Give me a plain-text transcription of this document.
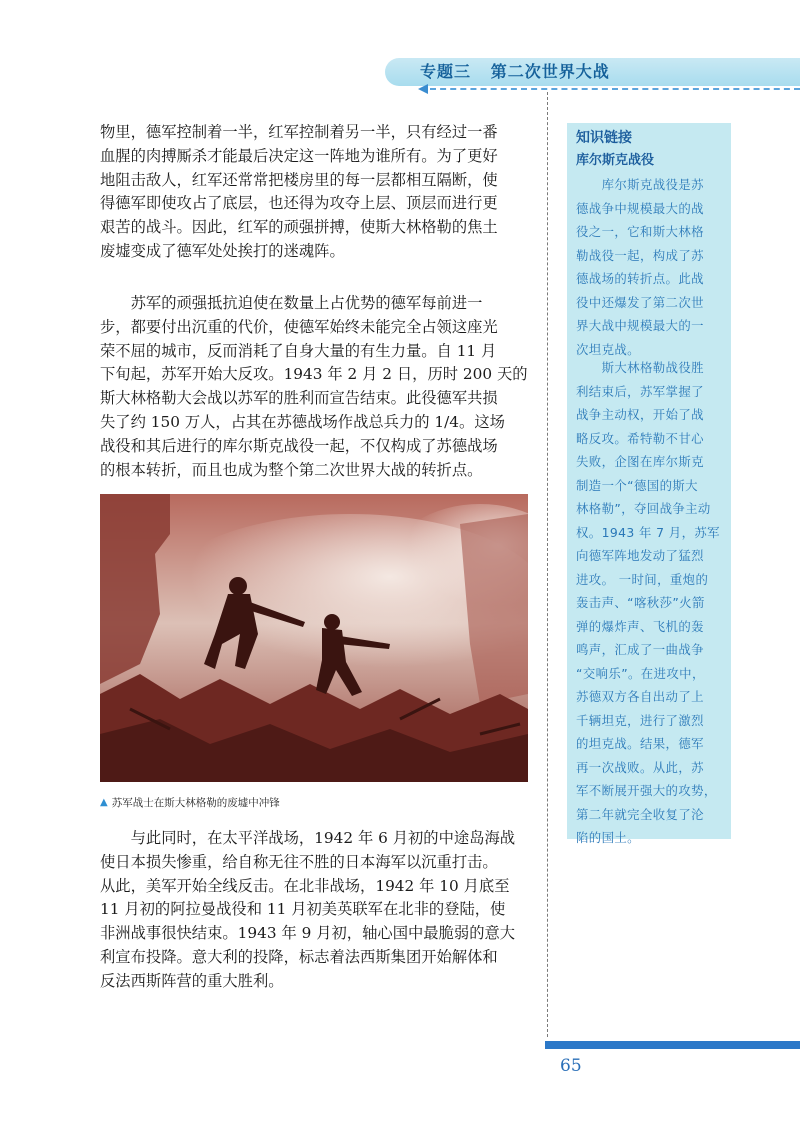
专题三   第二次世界大战

物里，德军控制着一半，红军控制着另一半，只有经过一番
血腥的肉搏厮杀才能最后决定这一阵地为谁所有。为了更好
地阻击敌人，红军还常常把楼房里的每一层都相互隔断，使
得德军即使攻占了底层，也还得为攻夺上层、顶层而进行更
艰苦的战斗。因此，红军的顽强拼搏，使斯大林格勒的焦土
废墟变成了德军处处挨打的迷魂阵。

　　苏军的顽强抵抗迫使在数量上占优势的德军每前进一
步，都要付出沉重的代价，使德军始终未能完全占领这座光
荣不屈的城市，反而消耗了自身大量的有生力量。自 11 月
下旬起，苏军开始大反攻。1943 年 2 月 2 日，历时 200 天的
斯大林格勒大会战以苏军的胜利而宣告结束。此役德军共损
失了约 150 万人，占其在苏德战场作战总兵力的 1/4。这场
战役和其后进行的库尔斯克战役一起，不仅构成了苏德战场
的根本转折，而且也成为整个第二次世界大战的转折点。

▲ 苏军战士在斯大林格勒的废墟中冲锋

　　与此同时，在太平洋战场，1942 年 6 月初的中途岛海战
使日本损失惨重，给自称无往不胜的日本海军以沉重打击。
从此，美军开始全线反击。在北非战场，1942 年 10 月底至
11 月初的阿拉曼战役和 11 月初美英联军在北非的登陆，使
非洲战事很快结束。1943 年 9 月初，轴心国中最脆弱的意大
利宣布投降。意大利的投降，标志着法西斯集团开始解体和
反法西斯阵营的重大胜利。

知识链接
库尔斯克战役

　　库尔斯克战役是苏
德战争中规模最大的战
役之一，它和斯大林格
勒战役一起，构成了苏
德战场的转折点。此战
役中还爆发了第二次世
界大战中规模最大的一
次坦克战。

　　斯大林格勒战役胜
利结束后，苏军掌握了
战争主动权，开始了战
略反攻。希特勒不甘心
失败，企图在库尔斯克
制造一个“德国的斯大
林格勒”，夺回战争主动
权。1943 年 7 月，苏军
向德军阵地发动了猛烈
进攻。 一时间，重炮的
轰击声、“喀秋莎”火箭
弹的爆炸声、飞机的轰
鸣声，汇成了一曲战争
“交响乐”。在进攻中，
苏德双方各自出动了上
千辆坦克，进行了激烈
的坦克战。结果，德军
再一次战败。从此，苏
军不断展开强大的攻势，
第二年就完全收复了沦
陷的国土。

65
